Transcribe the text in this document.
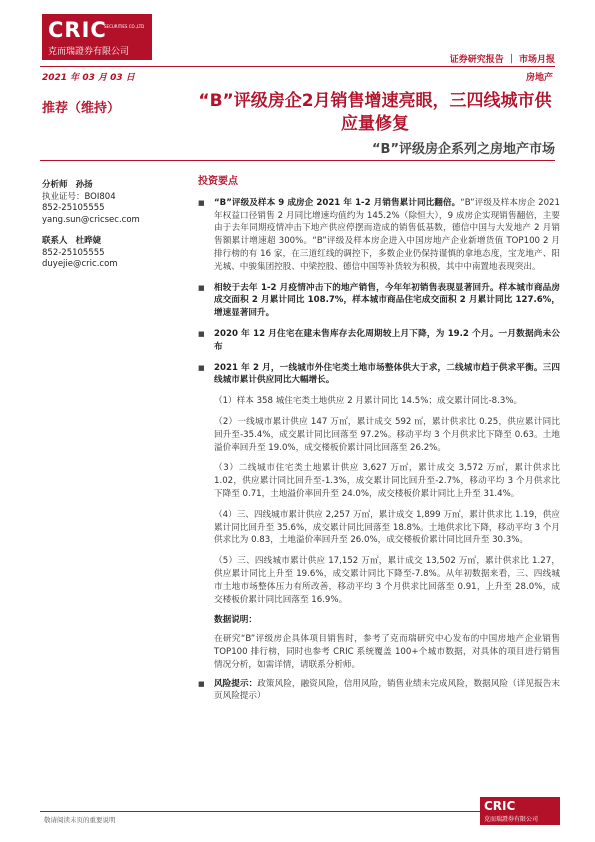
CRIC
SECURITIES CO.,LTD
克而瑞證券有限公司
证券研究报告 ｜ 市场月报
2021 年 03 月 03 日	房地产
推荐（维持）	“B”评级房企2月销售增速亮眼，三四线城市供应量修复
“B”评级房企系列之房地产市场
分析师 孙扬
执业证号：BOI804
852-25105555
yang.sun@cricsec.com
联系人 杜晔婕
852-25105555
duyejie@cric.com
投资要点
■ “B”评级及样本 9 成房企 2021 年 1-2 月销售累计同比翻倍。“B”评级及样本房企 2021 年权益口径销售 2 月同比增速均值约为 145.2%（除恒大），9 成房企实现销售翻倍，主要由于去年同期疫情冲击下地产供应停摆而造成的销售低基数，德信中国与大发地产 2 月销售额累计增速超 300%。“B”评级及样本房企进入中国房地产企业新增货值 TOP100 2 月排行榜的有 16 家，在三道红线的调控下，多数企业仍保持谨慎的拿地态度，宝龙地产、阳光城、中骏集团控股、中梁控股、德信中国等补货较为积极，其中中南置地表现突出。
■ 相较于去年 1-2 月疫情冲击下的地产销售，今年年初销售表现显著回升。样本城市商品房成交面积 2 月累计同比 108.7%，样本城市商品住宅成交面积 2 月累计同比 127.6%，增速显著回升。
■ 2020 年 12 月住宅在建未售库存去化周期较上月下降，为 19.2 个月。一月数据尚未公布
■ 2021 年 2 月，一线城市外住宅类土地市场整体供大于求，二线城市趋于供求平衡。三四线城市累计供应同比大幅增长。
（1）样本 358 城住宅类土地供应 2 月累计同比 14.5%；成交累计同比-8.3%。
（2）一线城市累计供应 147 万㎡，累计成交 592 ㎡，累计供求比 0.25，供应累计同比回升至-35.4%，成交累计同比回落至 97.2%。移动平均 3 个月供求比下降至 0.63。土地溢价率回升至 19.0%，成交楼板价累计同比回落至 26.2%。
（3）二线城市住宅类土地累计供应 3,627 万㎡，累计成交 3,572 万㎡，累计供求比 1.02，供应累计同比回升至-1.3%，成交累计同比回升至-2.7%，移动平均 3 个月供求比下降至 0.71，土地溢价率回升至 24.0%，成交楼板价累计同比上升至 31.4%。
（4）三、四线城市累计供应 2,257 万㎡，累计成交 1,899 万㎡，累计供求比 1.19，供应累计同比回升至 35.6%，成交累计同比回落至 18.8%。土地供求比下降，移动平均 3 个月供求比为 0.83，土地溢价率回升至 26.0%，成交楼板价累计同比回升至 30.3%。
（5）三、四线城市累计供应 17,152 万㎡，累计成交 13,502 万㎡，累计供求比 1.27，供应累计同比上升至 19.6%，成交累计同比下降至-7.8%。从年初数据来看，三、四线城市土地市场整体压力有所改善，移动平均 3 个月供求比回落至 0.91，上升至 28.0%，成交楼板价累计同比回落至 16.9%。
数据说明：
在研究“B”评级房企具体项目销售时，参考了克而瑞研究中心发布的中国房地产企业销售 TOP100 排行榜，同时也参考 CRIC 系统覆盖 100+个城市数据，对具体的项目进行销售情况分析，如需详情，请联系分析师。
■ 风险提示：政策风险，融资风险，信用风险，销售业绩未完成风险，数据风险（详见报告末页风险提示）
敬请阅读末页的重要说明
CRIC
克而瑞證券有限公司
